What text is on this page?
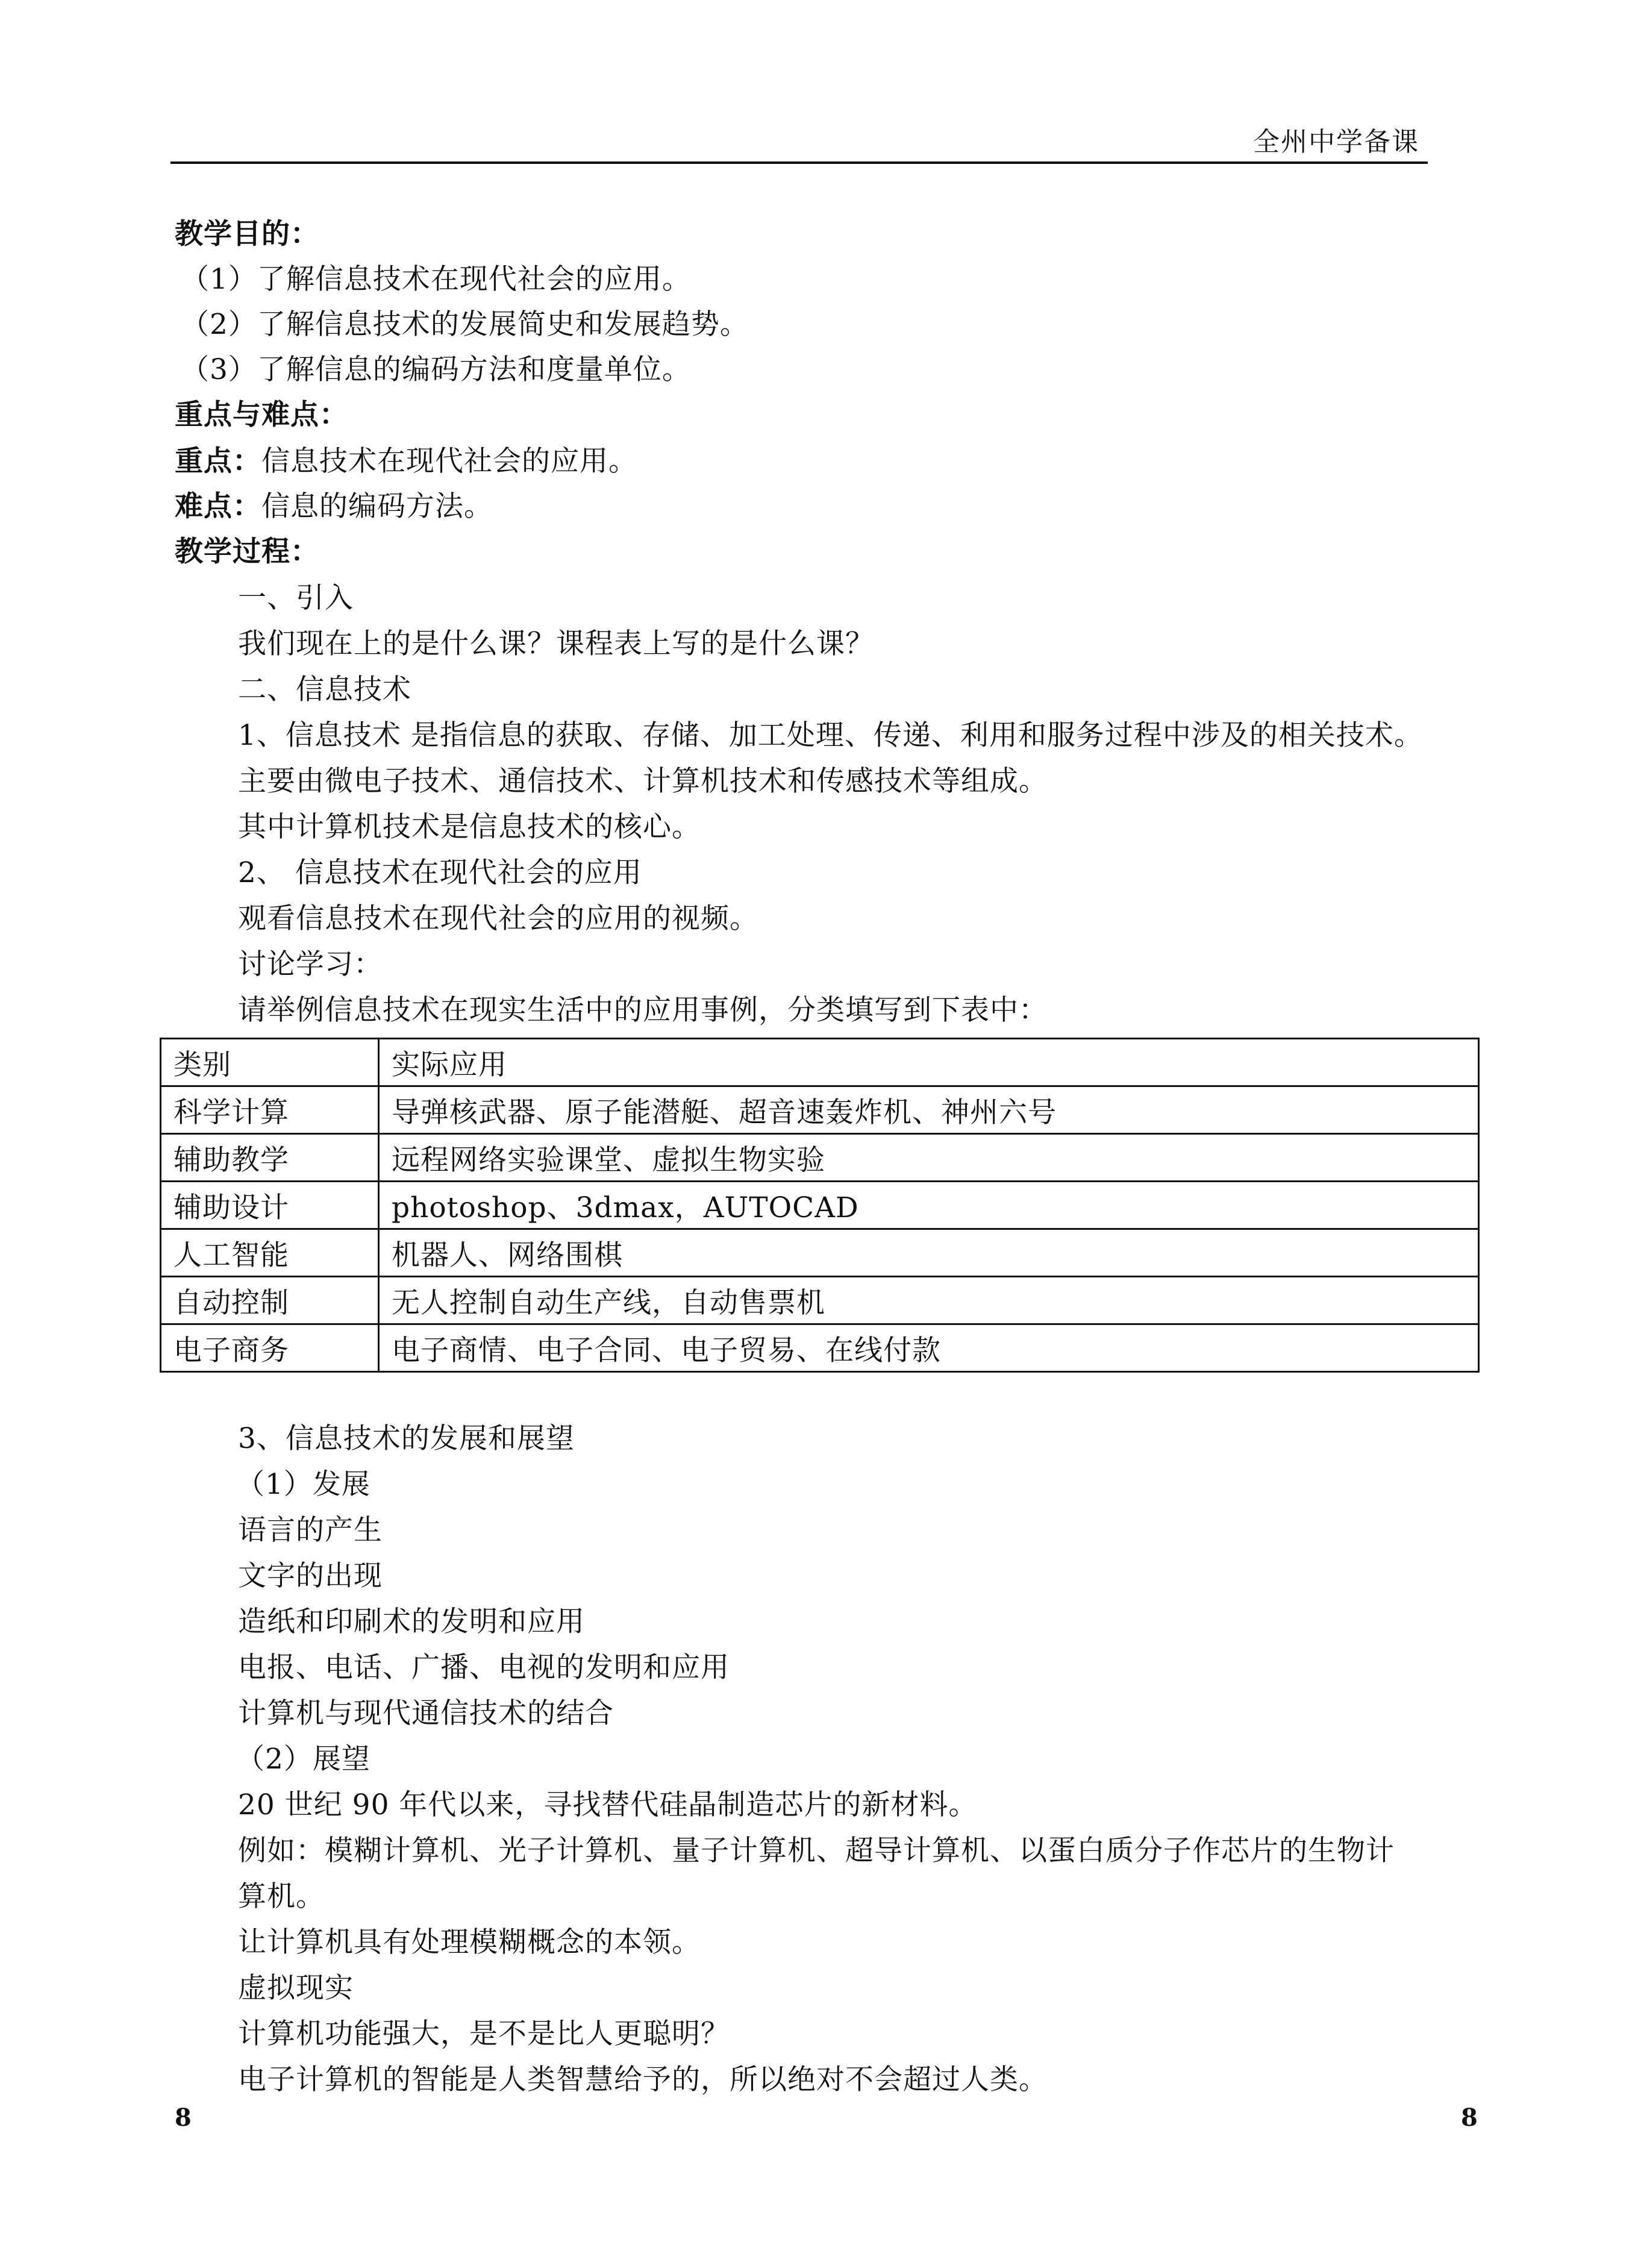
全州中学备课
教学目的：
（1）了解信息技术在现代社会的应用。
（2）了解信息技术的发展简史和发展趋势。
（3）了解信息的编码方法和度量单位。
重点与难点：
重点：信息技术在现代社会的应用。
难点：信息的编码方法。
教学过程：
一、引入
我们现在上的是什么课？课程表上写的是什么课？
二、信息技术
1、信息技术 是指信息的获取、存储、加工处理、传递、利用和服务过程中涉及的相关技术。
主要由微电子技术、通信技术、计算机技术和传感技术等组成。
其中计算机技术是信息技术的核心。
2、 信息技术在现代社会的应用
观看信息技术在现代社会的应用的视频。
讨论学习：
请举例信息技术在现实生活中的应用事例，分类填写到下表中：
类别	实际应用
科学计算	导弹核武器、原子能潜艇、超音速轰炸机、神州六号
辅助教学	远程网络实验课堂、虚拟生物实验
辅助设计	photoshop、3dmax，AUTOCAD
人工智能	机器人、网络围棋
自动控制	无人控制自动生产线，自动售票机
电子商务	电子商情、电子合同、电子贸易、在线付款
3、信息技术的发展和展望
（1）发展
语言的产生
文字的出现
造纸和印刷术的发明和应用
电报、电话、广播、电视的发明和应用
计算机与现代通信技术的结合
（2）展望
20 世纪 90 年代以来，寻找替代硅晶制造芯片的新材料。
例如：模糊计算机、光子计算机、量子计算机、超导计算机、以蛋白质分子作芯片的生物计
算机。
让计算机具有处理模糊概念的本领。
虚拟现实
计算机功能强大，是不是比人更聪明？
电子计算机的智能是人类智慧给予的，所以绝对不会超过人类。
8	8
